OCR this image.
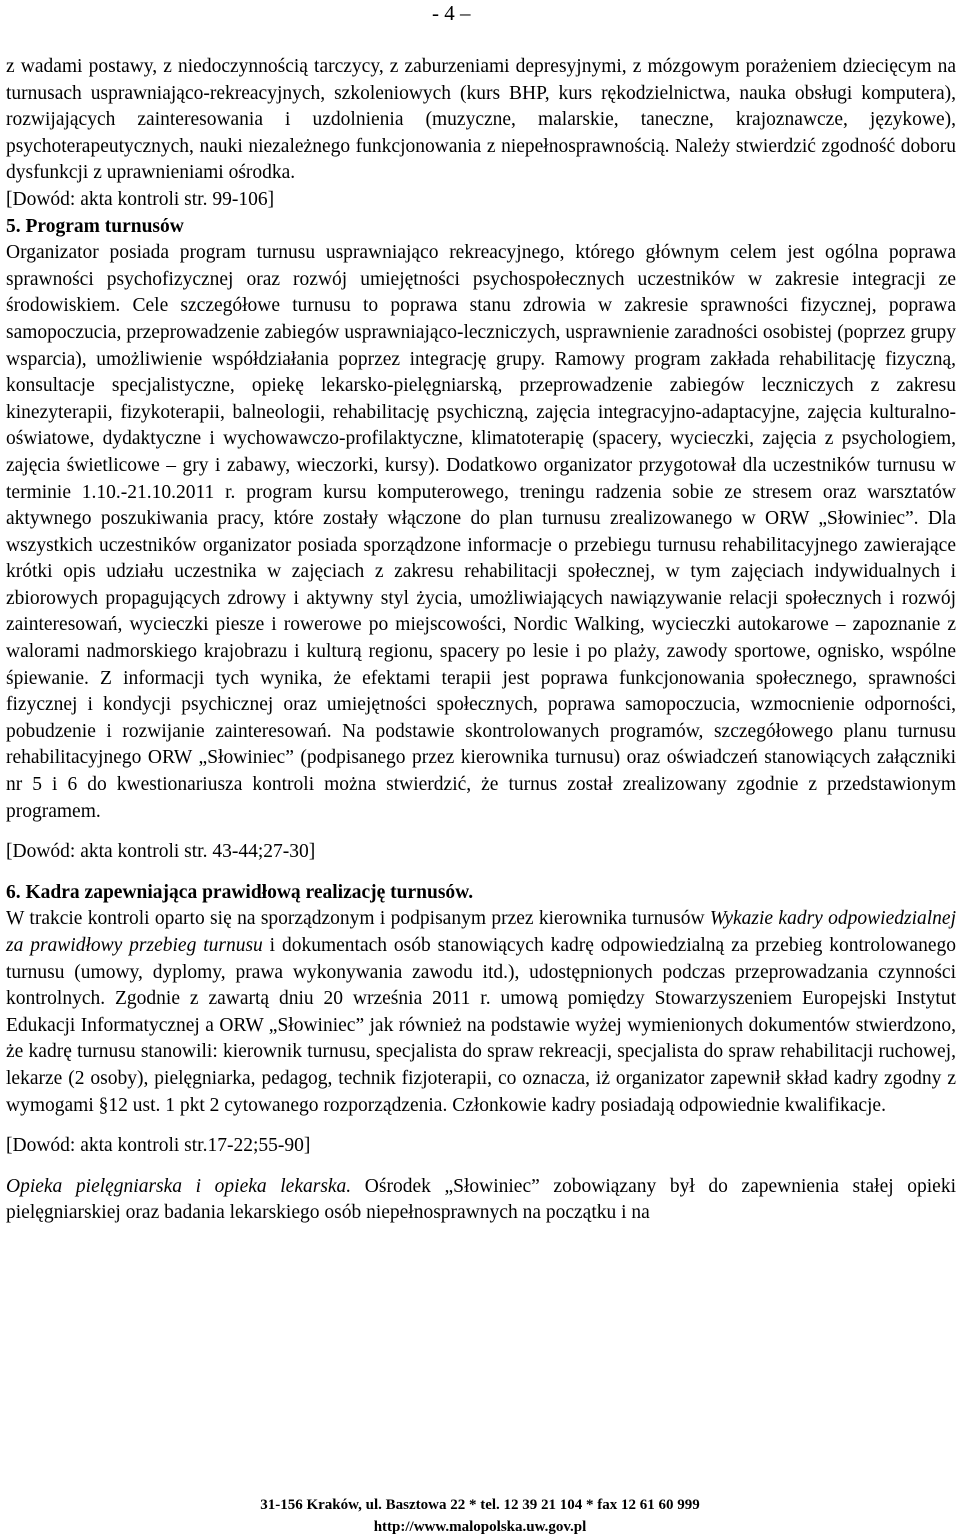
- 4 –

z wadami postawy, z niedoczynnością tarczycy, z zaburzeniami depresyjnymi, z mózgowym porażeniem dziecięcym na turnusach usprawniająco-rekreacyjnych, szkoleniowych (kurs BHP, kurs rękodzielnictwa, nauka obsługi komputera), rozwijających zainteresowania i uzdolnienia (muzyczne, malarskie, taneczne, krajoznawcze, językowe), psychoterapeutycznych, nauki niezależnego funkcjonowania z niepełnosprawnością. Należy stwierdzić zgodność doboru dysfunkcji z uprawnieniami ośrodka.

[Dowód: akta kontroli str. 99-106]

5. Program turnusów

Organizator posiada program turnusu usprawniająco rekreacyjnego, którego głównym celem jest ogólna poprawa sprawności psychofizycznej oraz rozwój umiejętności psychospołecznych uczestników w zakresie integracji ze środowiskiem. Cele szczegółowe turnusu to poprawa stanu zdrowia w zakresie sprawności fizycznej, poprawa samopoczucia, przeprowadzenie zabiegów usprawniająco-leczniczych, usprawnienie zaradności osobistej (poprzez grupy wsparcia), umożliwienie współdziałania poprzez integrację grupy. Ramowy program zakłada rehabilitację fizyczną, konsultacje specjalistyczne, opiekę lekarsko-pielęgniarską, przeprowadzenie zabiegów leczniczych z zakresu kinezyterapii, fizykoterapii, balneologii, rehabilitację psychiczną, zajęcia integracyjno-adaptacyjne, zajęcia kulturalno-oświatowe, dydaktyczne i wychowawczo-profilaktyczne, klimatoterapię (spacery, wycieczki, zajęcia z psychologiem, zajęcia świetlicowe – gry i zabawy, wieczorki, kursy). Dodatkowo organizator przygotował dla uczestników turnusu w terminie 1.10.-21.10.2011 r. program kursu komputerowego, treningu radzenia sobie ze stresem oraz warsztatów aktywnego poszukiwania pracy, które zostały włączone do plan turnusu zrealizowanego w ORW „Słowiniec”. Dla wszystkich uczestników organizator posiada sporządzone informacje o przebiegu turnusu rehabilitacyjnego zawierające krótki opis udziału uczestnika w zajęciach z zakresu rehabilitacji społecznej, w tym zajęciach indywidualnych i zbiorowych propagujących zdrowy i aktywny styl życia, umożliwiających nawiązywanie relacji społecznych i rozwój zainteresowań, wycieczki piesze i rowerowe po miejscowości, Nordic Walking, wycieczki autokarowe – zapoznanie z walorami nadmorskiego krajobrazu i kulturą regionu, spacery po lesie i po plaży, zawody sportowe, ognisko, wspólne śpiewanie. Z informacji tych wynika, że efektami terapii jest poprawa funkcjonowania społecznego, sprawności fizycznej i kondycji psychicznej oraz umiejętności społecznych, poprawa samopoczucia, wzmocnienie odporności, pobudzenie i rozwijanie zainteresowań. Na podstawie skontrolowanych programów, szczegółowego planu turnusu rehabilitacyjnego ORW „Słowiniec” (podpisanego przez kierownika turnusu) oraz oświadczeń stanowiących załączniki nr 5 i 6 do kwestionariusza kontroli można stwierdzić, że turnus został zrealizowany zgodnie z przedstawionym programem.

[Dowód: akta kontroli str. 43-44;27-30]

6. Kadra zapewniająca prawidłową realizację turnusów.

W trakcie kontroli oparto się na sporządzonym i podpisanym przez kierownika turnusów Wykazie kadry odpowiedzialnej za prawidłowy przebieg turnusu i dokumentach osób stanowiących kadrę odpowiedzialną za przebieg kontrolowanego turnusu (umowy, dyplomy, prawa wykonywania zawodu itd.), udostępnionych podczas przeprowadzania czynności kontrolnych. Zgodnie z zawartą dniu 20 września 2011 r. umową pomiędzy Stowarzyszeniem Europejski Instytut Edukacji Informatycznej a ORW „Słowiniec” jak również na podstawie wyżej wymienionych dokumentów stwierdzono, że kadrę turnusu stanowili: kierownik turnusu, specjalista do spraw rekreacji, specjalista do spraw rehabilitacji ruchowej, lekarze (2 osoby), pielęgniarka, pedagog, technik fizjoterapii, co oznacza, iż organizator zapewnił skład kadry zgodny z wymogami §12 ust. 1 pkt 2 cytowanego rozporządzenia. Członkowie kadry posiadają odpowiednie kwalifikacje.

[Dowód: akta kontroli str.17-22;55-90]

Opieka pielęgniarska i opieka lekarska. Ośrodek „Słowiniec” zobowiązany był do zapewnienia stałej opieki pielęgniarskiej oraz badania lekarskiego osób niepełnosprawnych na początku i na

31-156 Kraków, ul. Basztowa 22 * tel. 12 39 21 104 * fax 12 61 60 999
http://www.malopolska.uw.gov.pl
